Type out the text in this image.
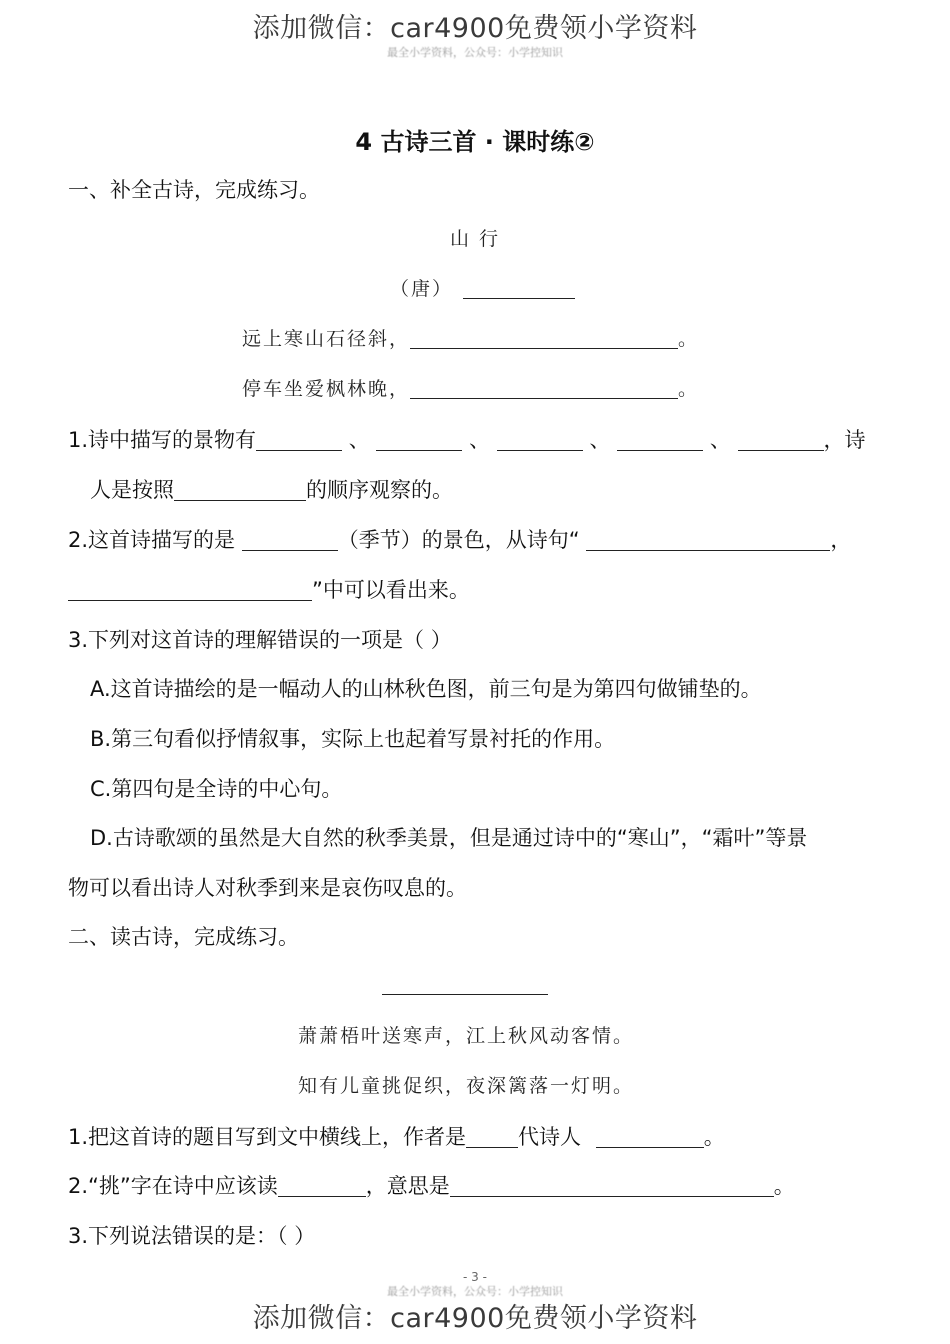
添加微信：car4900免费领小学资料
最全小学资料，公众号：小学控知识
4 古诗三首 · 课时练②
一、补全古诗，完成练习。
山 行
（唐）
远上寒山石径斜，	。
停车坐爱枫林晚，	。
1.诗中描写的景物有	、	、	、	、	，诗
人是按照	的顺序观察的。
2.这首诗描写的是	（季节）的景色，从诗句“	，
”中可以看出来。
3.下列对这首诗的理解错误的一项是（ ）
A.这首诗描绘的是一幅动人的山林秋色图，前三句是为第四句做铺垫的。
B.第三句看似抒情叙事，实际上也起着写景衬托的作用。
C.第四句是全诗的中心句。
D.古诗歌颂的虽然是大自然的秋季美景，但是通过诗中的“寒山”，“霜叶”等景
物可以看出诗人对秋季到来是哀伤叹息的。
二、读古诗，完成练习。
萧萧梧叶送寒声，江上秋风动客情。
知有儿童挑促织，夜深篱落一灯明。
1.把这首诗的题目写到文中横线上，作者是 代诗人	。
2.“挑”字在诗中应该读	，意思是	。
3.下列说法错误的是：（ ）
- 3 -
最全小学资料，公众号：小学控知识
添加微信：car4900免费领小学资料
